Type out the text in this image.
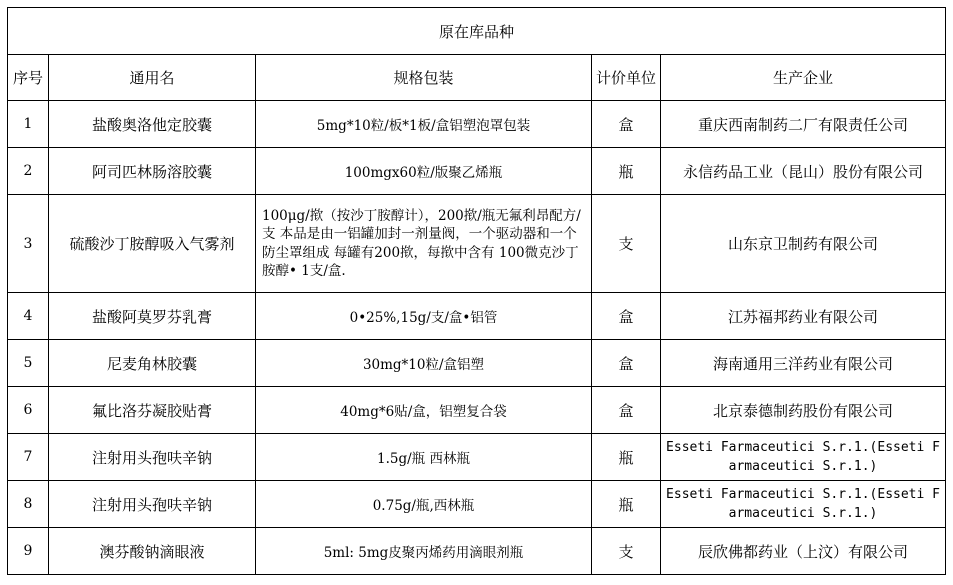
原在库品种				
序号	通用名	规格包装	计价单位	生产企业
1	盐酸奥洛他定胶囊	5mg*10粒/板*1板/盒铝塑泡罩包装	盒	重庆西南制药二厂有限责任公司
2	阿司匹林肠溶胶囊	100mgx60粒/版聚乙烯瓶	瓶	永信药品工业（昆山）股份有限公司
3	硫酸沙丁胺醇吸入气雾剂	100μg/揿（按沙丁胺醇计），200揿/瓶无氟利昂配方/支 本品是由一铝罐加封一剂量阀，一个驱动器和一个防尘罩组成 每罐有200揿，每揿中含有 100微克沙丁胺醇• 1支/盒.	支	山东京卫制药有限公司
4	盐酸阿莫罗芬乳膏	0•25%,15g/支/盒•铝管	盒	江苏福邦药业有限公司
5	尼麦角林胶囊	30mg*10粒/盒铝塑	盒	海南通用三洋药业有限公司
6	氟比洛芬凝胶贴膏	40mg*6贴/盒，铝塑复合袋	盒	北京泰德制药股份有限公司
7	注射用头孢呋辛钠	1.5g/瓶 西林瓶	瓶	Esseti Farmaceutici S.r.1.(Esseti Farmaceutici S.r.1.)
8	注射用头孢呋辛钠	0.75g/瓶,西林瓶	瓶	Esseti Farmaceutici S.r.1.(Esseti Farmaceutici S.r.1.)
9	澳芬酸钠滴眼液	5ml: 5mg皮聚丙烯药用滴眼剂瓶	支	辰欣佛都药业（上汶）有限公司
